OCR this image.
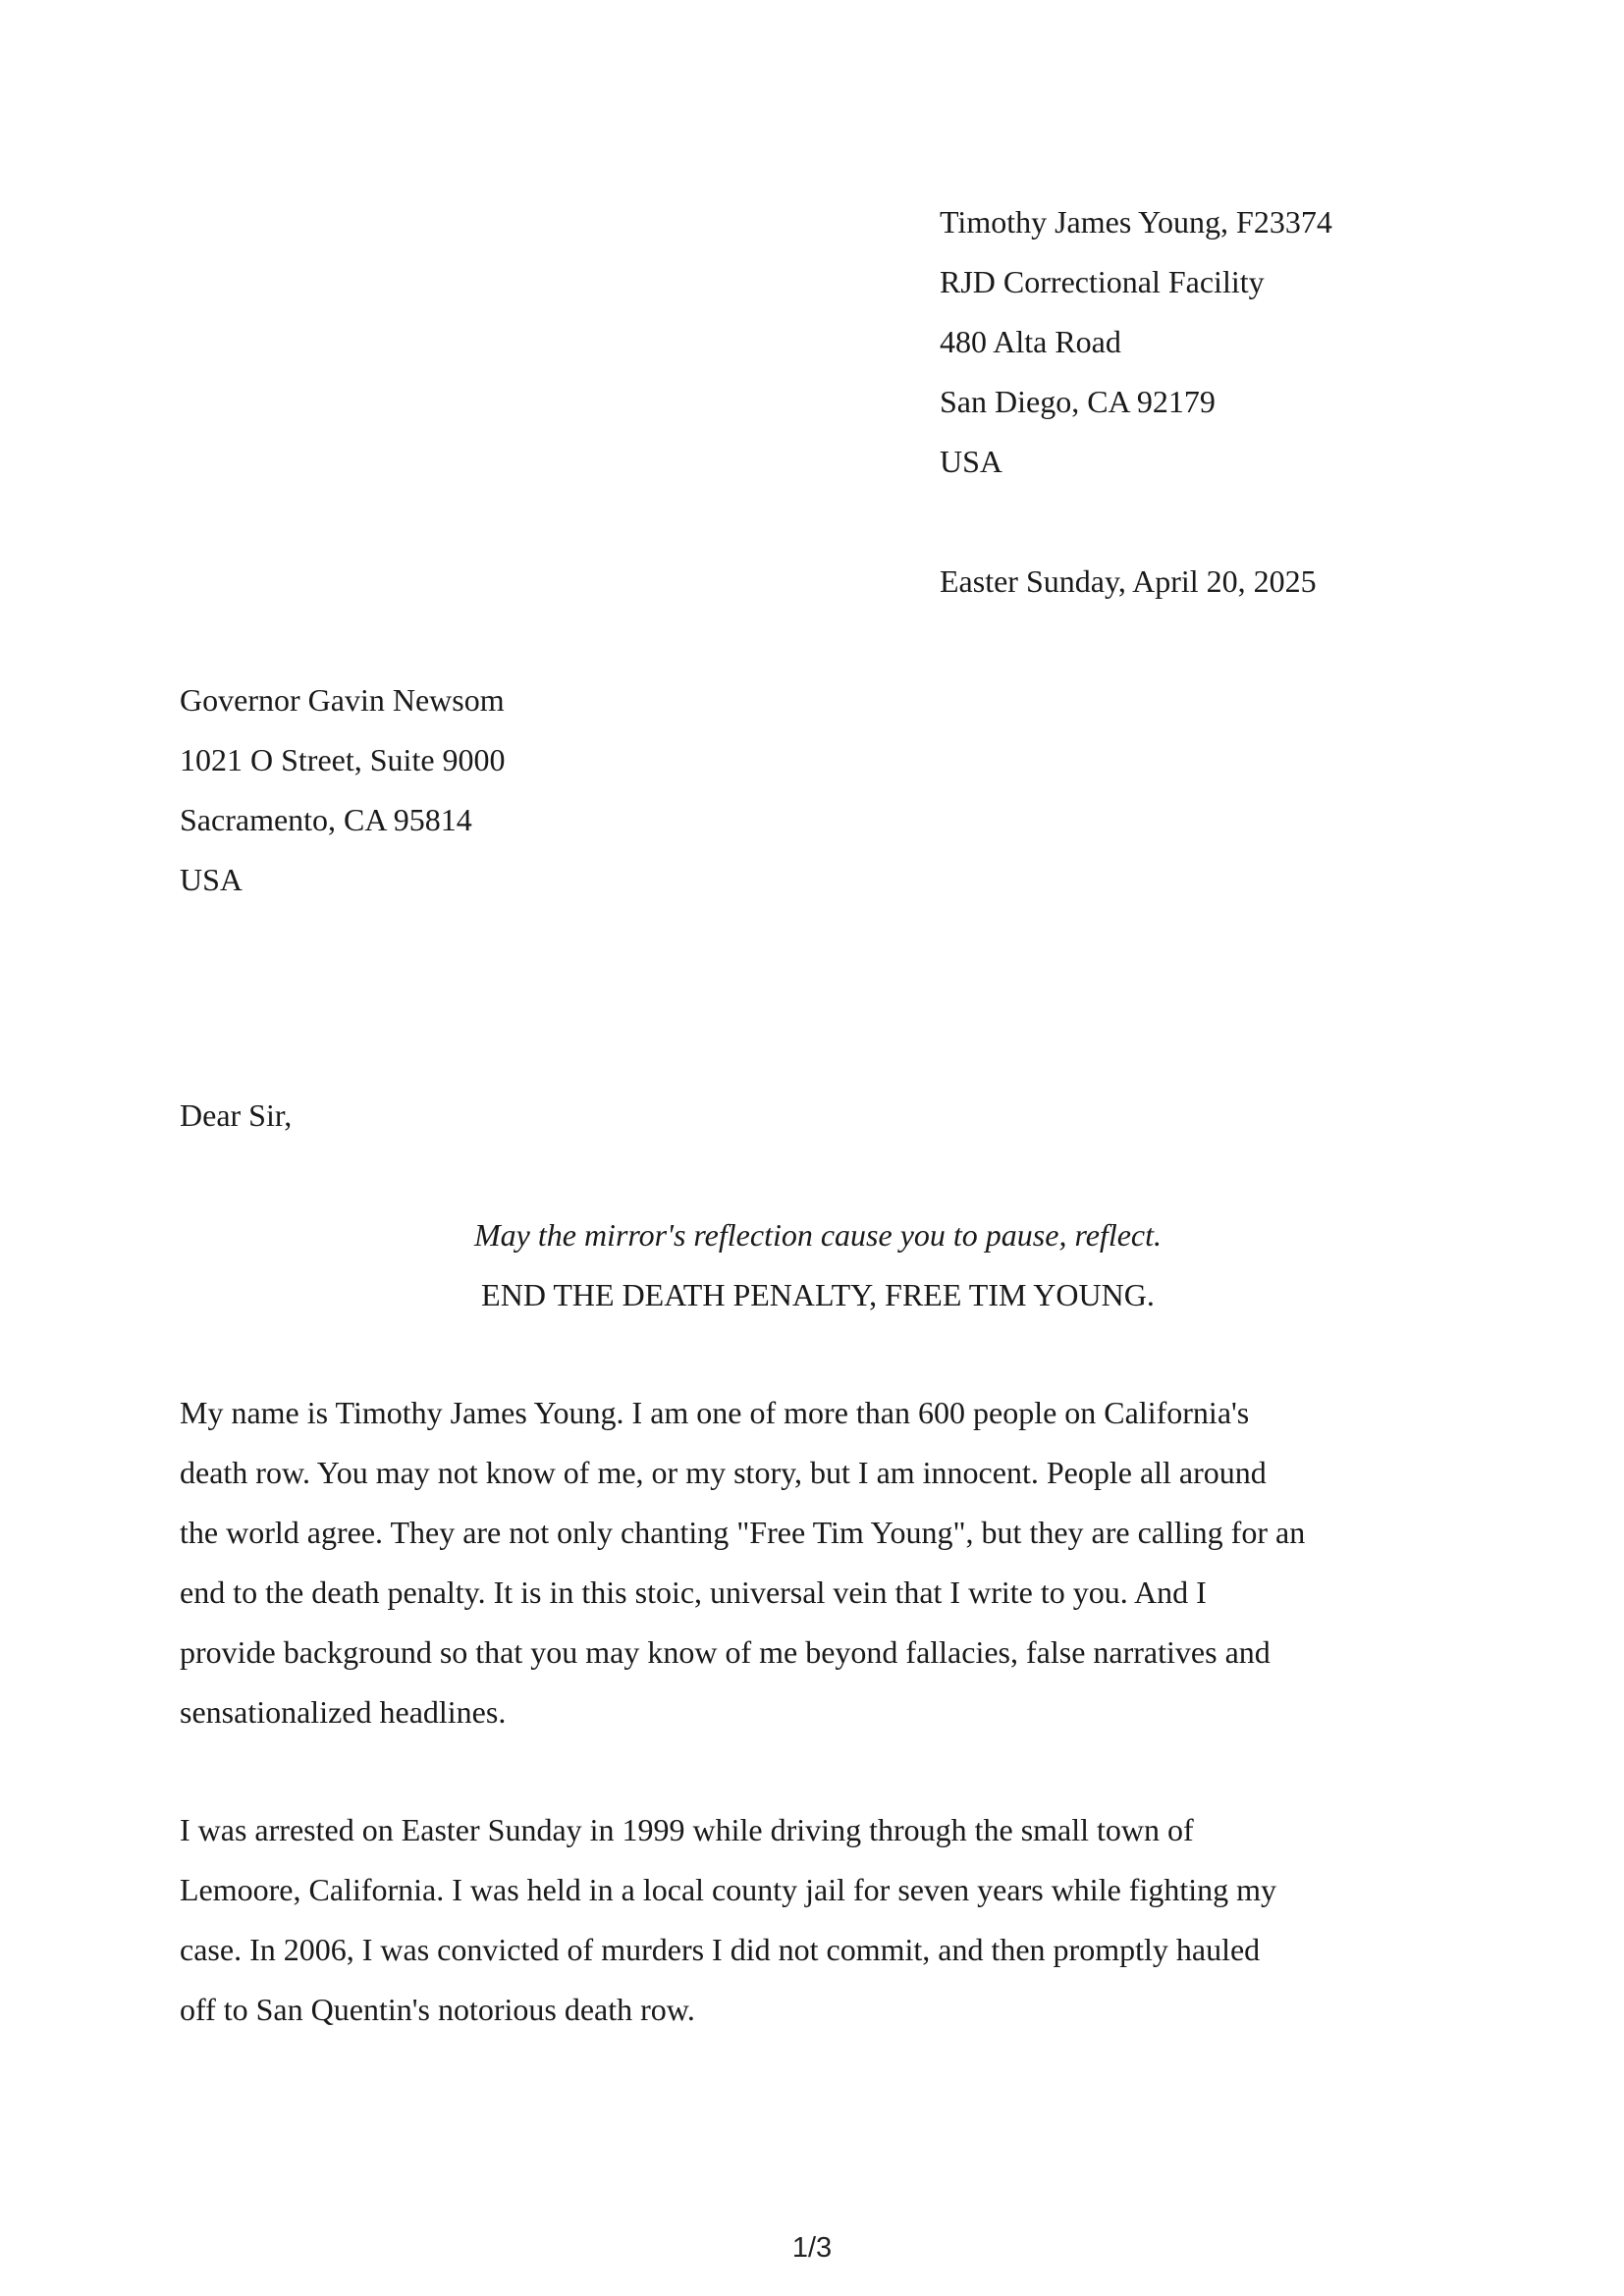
Timothy James Young, F23374
RJD Correctional Facility
480 Alta Road
San Diego, CA 92179
USA
Easter Sunday, April 20, 2025
Governor Gavin Newsom
1021 O Street, Suite 9000
Sacramento, CA 95814
USA
Dear Sir,
May the mirror's reflection cause you to pause, reflect.
END THE DEATH PENALTY, FREE TIM YOUNG.
My name is Timothy James Young. I am one of more than 600 people on California's
death row. You may not know of me, or my story, but I am innocent. People all around
the world agree. They are not only chanting "Free Tim Young", but they are calling for an
end to the death penalty. It is in this stoic, universal vein that I write to you. And I
provide background so that you may know of me beyond fallacies, false narratives and
sensationalized headlines.
I was arrested on Easter Sunday in 1999 while driving through the small town of
Lemoore, California. I was held in a local county jail for seven years while fighting my
case. In 2006, I was convicted of murders I did not commit, and then promptly hauled
off to San Quentin's notorious death row.
1/3
